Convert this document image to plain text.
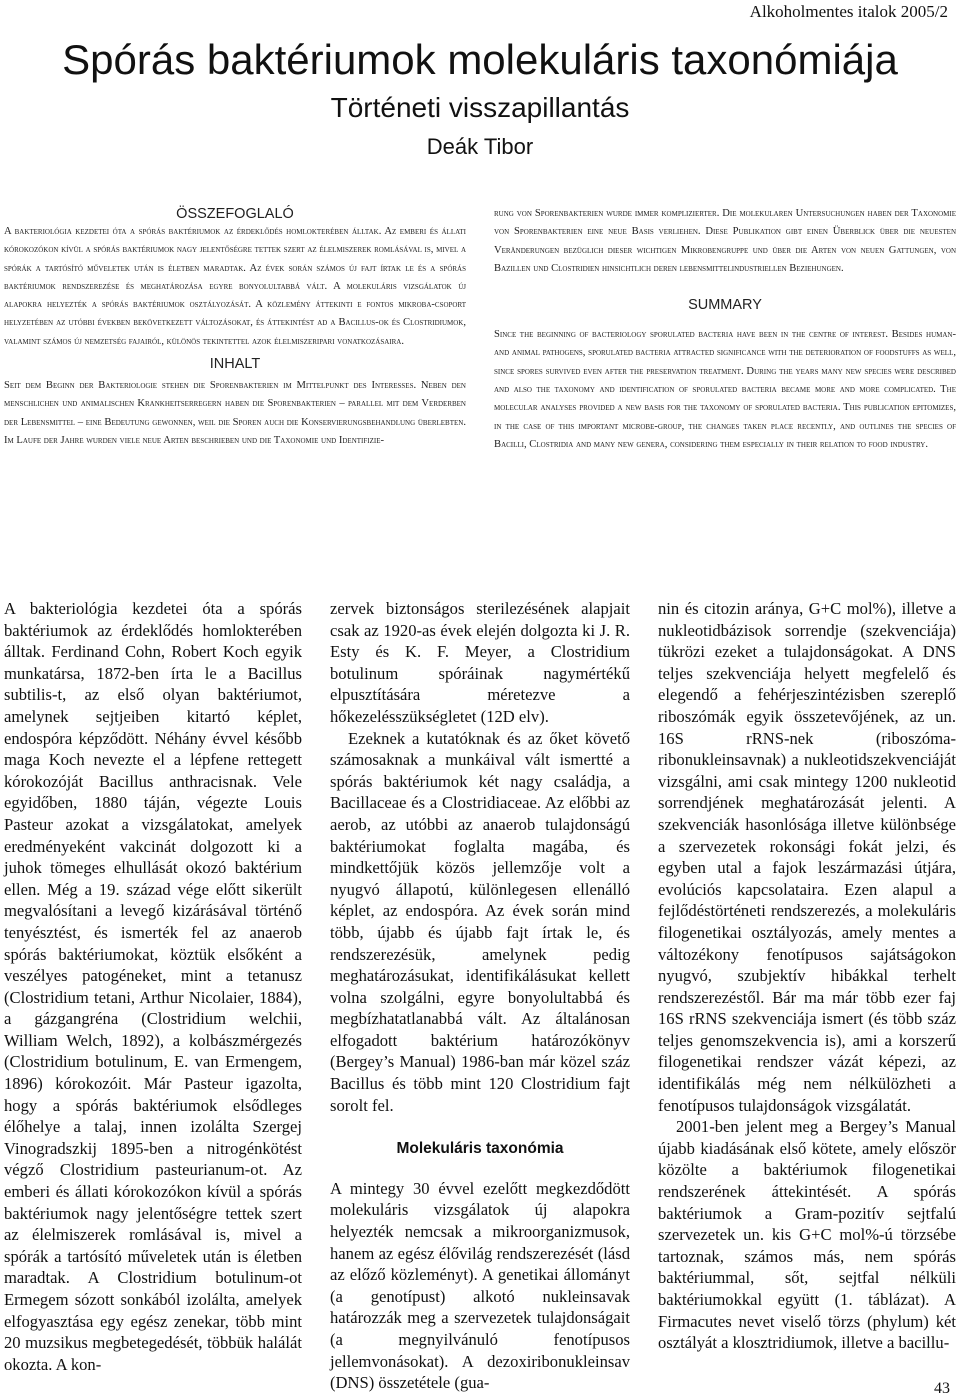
Alkoholmentes italok 2005/2
Spórás baktériumok molekuláris taxonómiája
Történeti visszapillantás
Deák Tibor
ÖSSZEFOGLALÓ
A bakteriológia kezdetei óta a spórás baktériumok az érdeklődés homlokterében álltak. Az emberi és állati kórokozókon kívül a spórás baktériumok nagy jelentőségre tettek szert az élelmiszerek romlásával is, mivel a spórák a tartósító műveletek után is életben maradtak. Az évek során számos új fajt írtak le és a spórás baktériumok rendszerezése és meghatározása egyre bonyolultabbá vált. A molekuláris vizsgálatok új alapokra helyezték a spórás baktériumok osztályozását. A közlemény áttekinti e fontos mikroba-csoport helyzetében az utóbbi években bekövetkezett változásokat, és áttekintést ad a Bacillus-ok és Clostridiumok, valamint számos új nemzetség fajairól, különös tekintettel azok élelmiszeripari vonatkozásaira.
INHALT
Seit dem Beginn der Bakteriologie stehen die Sporenbakterien im Mittelpunkt des Interesses. Neben den menschlichen und animalischen Krankheitserregern haben die Sporenbakterien – parallel mit dem Verderben der Lebensmittel – eine Bedeutung gewonnen, weil die Sporen auch die Konservierungsbehandlung überlebten. Im Laufe der Jahre wurden viele neue Arten beschrieben und die Taxonomie und Identifizie-
rung von Sporenbakterien wurde immer komplizierter. Die molekularen Untersuchungen haben der Taxonomie von Sporenbakterien eine neue Basis verliehen. Diese Publikation gibt einen Überblick über die neuesten Veränderungen bezüglich dieser wichtigen Mikrobengruppe und über die Arten von neuen Gattungen, von Bazillen und Clostridien hinsichtlich deren lebensmittelindustriellen Beziehungen.
SUMMARY
Since the beginning of bacteriology sporulated bacteria have been in the centre of interest. Besides human- and animal pathogens, sporulated bacteria attracted significance with the deterioration of foodstuffs as well, since spores survived even after the preservation treatment. During the years many new species were described and also the taxonomy and identification of sporulated bacteria became more and more complicated. The molecular analyses provided a new basis for the taxonomy of sporulated bacteria. This publication epitomizes, in the case of this important microbe-group, the changes taken place recently, and outlines the species of Bacilli, Clostridia and many new genera, considering them especially in their relation to food industry.

A bakteriológia kezdetei óta a spórás baktériumok az érdeklődés homlokterében álltak. Ferdinand Cohn, Robert Koch egyik munkatársa, 1872-ben írta le a Bacillus subtilis-t, az első olyan baktériumot, amelynek sejtjeiben kitartó képlet, endospóra képződött. Néhány évvel később maga Koch nevezte el a lépfene rettegett kórokozóját Bacillus anthracisnak. Vele egyidőben, 1880 táján, végezte Louis Pasteur azokat a vizsgálatokat, amelyek eredményeként vakcinát dolgozott ki a juhok tömeges elhullását okozó baktérium ellen. Még a 19. század vége előtt sikerült megvalósítani a levegő kizárásával történő tenyésztést, és ismerték fel az anaerob spórás baktériumokat, köztük elsőként a veszélyes patogéneket, mint a tetanusz (Clostridium tetani, Arthur Nicolaier, 1884), a gázgangréna (Clostridium welchii, William Welch, 1892), a kolbászmérgezés (Clostridium botulinum, E. van Ermengem, 1896) kórokozóit. Már Pasteur igazolta, hogy a spórás baktériumok elsődleges élőhelye a talaj, innen izolálta Szergej Vinogradszkij 1895-ben a nitrogénkötést végző Clostridium pasteurianum-ot. Az emberi és állati kórokozókon kívül a spórás baktériumok nagy jelentőségre tettek szert az élelmiszerek romlásával is, mivel a spórák a tartósító műveletek után is életben maradtak. A Clostridium botulinum-ot Ermegem sózott sonkából izolálta, amelyek elfogyasztása egy egész zenekar, több mint 20 muzsikus megbetegedését, többük halálát okozta. A kon-

zervek biztonságos sterilezésének alapjait csak az 1920-as évek elején dolgozta ki J. R. Esty és K. F. Meyer, a Clostridium botulinum spóráinak nagymértékű elpusztítására méretezve a hőkezelésszükségletet (12D elv).

Ezeknek a kutatóknak és az őket követő számosaknak a munkáival vált ismertté a spórás baktériumok két nagy családja, a Bacillaceae és a Clostridiaceae. Az előbbi az aerob, az utóbbi az anaerob tulajdonságú baktériumokat foglalta magába, és mindkettőjük közös jellemzője volt a nyugvó állapotú, különlegesen ellenálló képlet, az endospóra. Az évek során mind több, újabb és újabb fajt írtak le, és rendszerezésük, amelynek pedig meghatározásukat, identifikálásukat kellett volna szolgálni, egyre bonyolultabbá és megbízhatatlanabbá vált. Az általánosan elfogadott baktérium határozókönyv (Bergey’s Manual) 1986-ban már közel száz Bacillus és több mint 120 Clostridium fajt sorolt fel.

Molekuláris taxonómia

A mintegy 30 évvel ezelőtt megkezdődött molekuláris vizsgálatok új alapokra helyezték nemcsak a mikroorganizmusok, hanem az egész élővilág rendszerezését (lásd az előző közleményt). A genetikai állományt (a genotípust) alkotó nukleinsavak határozzák meg a szervezetek tulajdonságait (a megnyilvánuló fenotípusos jellemvonásokat). A dezoxiribonukleinsav (DNS) összetétele (gua-

nin és citozin aránya, G+C mol%), illetve a nukleotidbázisok sorrendje (szekvenciája) tükrözi ezeket a tulajdonságokat. A DNS teljes szekvenciája helyett megfelelő és elegendő a fehérjeszintézisben szereplő riboszómák egyik összetevőjének, az un. 16S rRNS-nek (riboszóma-ribonukleinsavnak) a nukleotidszekvenciáját vizsgálni, ami csak mintegy 1200 nukleotid sorrendjének meghatározását jelenti. A szekvenciák hasonlósága illetve különbsége a szervezetek rokonsági fokát jelzi, és egyben utal a fajok leszármazási útjára, evolúciós kapcsolataira. Ezen alapul a fejlődéstörténeti rendszerezés, a molekuláris filogenetikai osztályozás, amely mentes a változékony fenotípusos sajátságokon nyugvó, szubjektív hibákkal terhelt rendszerezéstől. Bár ma már több ezer faj 16S rRNS szekvenciája ismert (és több száz teljes genomszekvencia is), ami a korszerű filogenetikai rendszer vázát képezi, az identifikálás még nem nélkülözheti a fenotípusos tulajdonságok vizsgálatát.

2001-ben jelent meg a Bergey’s Manual újabb kiadásának első kötete, amely először közölte a baktériumok filogenetikai rendszerének áttekintését. A spórás baktériumok a Gram-pozitív sejtfalú szervezetek un. kis G+C mol%-ú törzsébe tartoznak, számos más, nem spórás baktériummal, sőt, sejtfal nélküli baktériumokkal együtt (1. táblázat). A Firmacutes nevet viselő törzs (phylum) két osztályát a klosztridiumok, illetve a bacillu-

43
